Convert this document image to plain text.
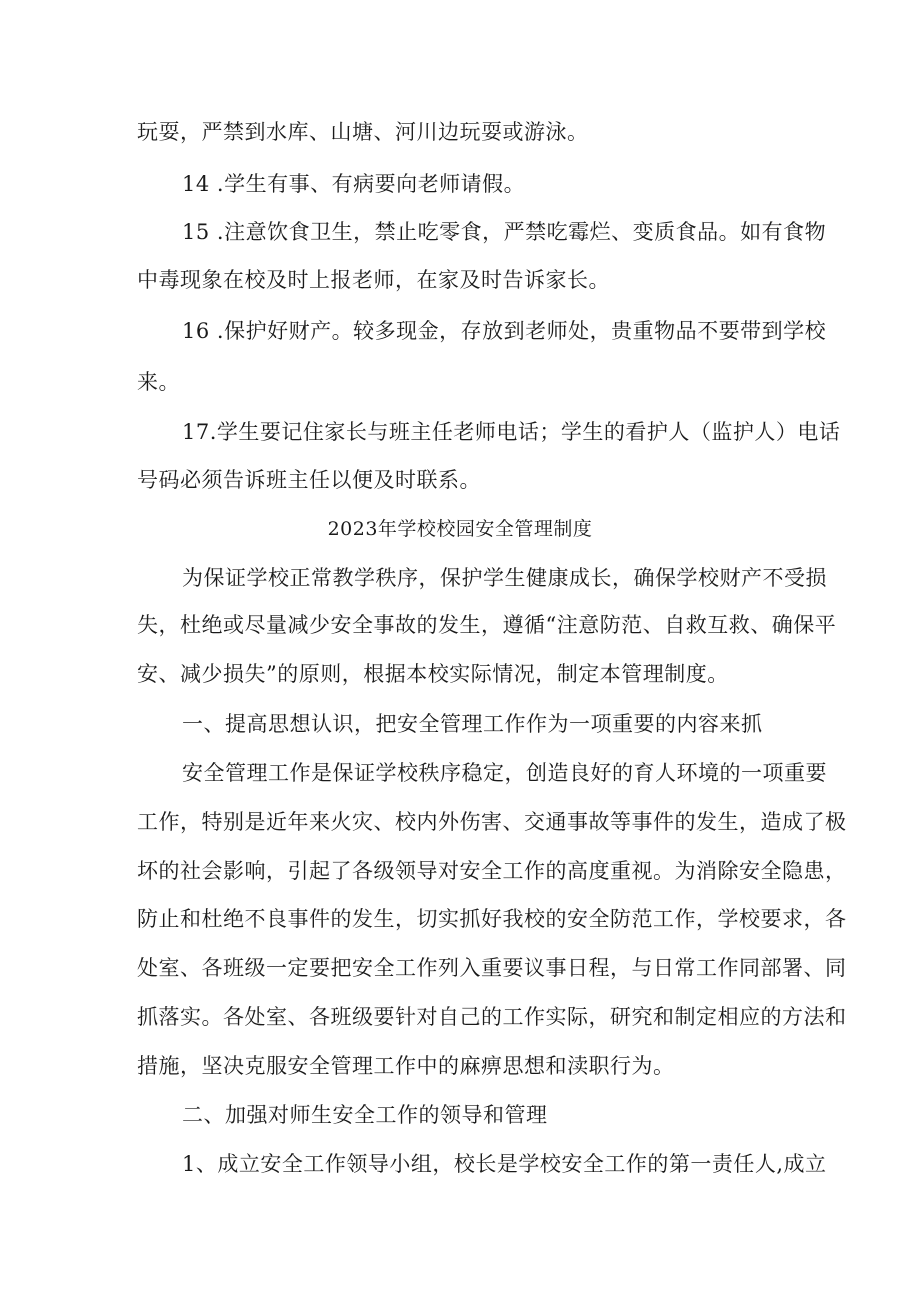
玩耍，严禁到水库、山塘、河川边玩耍或游泳。
14 .学生有事、有病要向老师请假。
15 .注意饮食卫生，禁止吃零食，严禁吃霉烂、变质食品。如有食物
中毒现象在校及时上报老师，在家及时告诉家长。
16 .保护好财产。较多现金，存放到老师处，贵重物品不要带到学校
来。
17.学生要记住家长与班主任老师电话；学生的看护人（监护人）电话
号码必须告诉班主任以便及时联系。
2023年学校校园安全管理制度
为保证学校正常教学秩序，保护学生健康成长，确保学校财产不受损
失，杜绝或尽量减少安全事故的发生，遵循“注意防范、自救互救、确保平
安、减少损失”的原则，根据本校实际情况，制定本管理制度。
一、提高思想认识，把安全管理工作作为一项重要的内容来抓
安全管理工作是保证学校秩序稳定，创造良好的育人环境的一项重要
工作，特别是近年来火灾、校内外伤害、交通事故等事件的发生，造成了极
坏的社会影响，引起了各级领导对安全工作的高度重视。为消除安全隐患，
防止和杜绝不良事件的发生，切实抓好我校的安全防范工作，学校要求，各
处室、各班级一定要把安全工作列入重要议事日程，与日常工作同部署、同
抓落实。各处室、各班级要针对自己的工作实际，研究和制定相应的方法和
措施，坚决克服安全管理工作中的麻痹思想和渎职行为。
二、加强对师生安全工作的领导和管理
1、成立安全工作领导小组，校长是学校安全工作的第一责任人,成立
